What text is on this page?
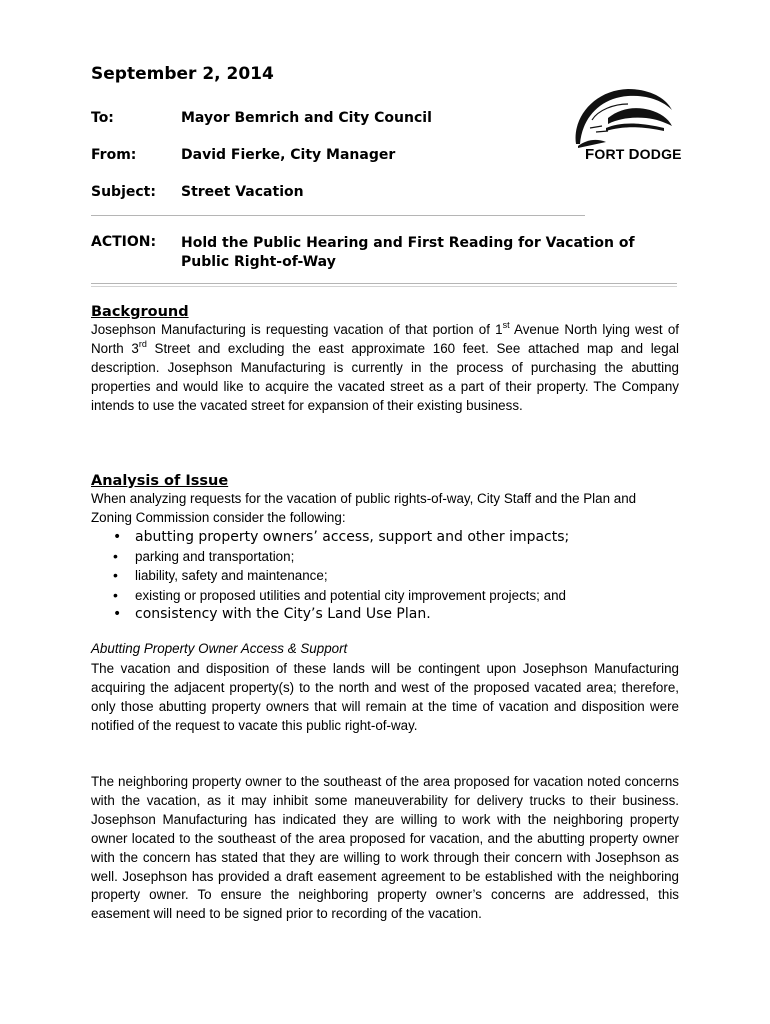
September 2, 2014
To:	Mayor Bemrich and City Council
From:	David Fierke, City Manager
Subject: Street Vacation
ACTION: Hold the Public Hearing and First Reading for Vacation of Public Right-of-Way
FORT DODGE
Background

Josephson Manufacturing is requesting vacation of that portion of 1st Avenue North lying west of North 3rd Street and excluding the east approximate 160 feet. See attached map and legal description. Josephson Manufacturing is currently in the process of purchasing the abutting properties and would like to acquire the vacated street as a part of their property. The Company intends to use the vacated street for expansion of their existing business.

Analysis of Issue

When analyzing requests for the vacation of public rights-of-way, City Staff and the Plan and Zoning Commission consider the following:

• abutting property owners’ access, support and other impacts;
• parking and transportation;
• liability, safety and maintenance;
• existing or proposed utilities and potential city improvement projects; and
• consistency with the City’s Land Use Plan.

Abutting Property Owner Access & Support

The vacation and disposition of these lands will be contingent upon Josephson Manufacturing acquiring the adjacent property(s) to the north and west of the proposed vacated area; therefore, only those abutting property owners that will remain at the time of vacation and disposition were notified of the request to vacate this public right-of-way.

The neighboring property owner to the southeast of the area proposed for vacation noted concerns with the vacation, as it may inhibit some maneuverability for delivery trucks to their business. Josephson Manufacturing has indicated they are willing to work with the neighboring property owner located to the southeast of the area proposed for vacation, and the abutting property owner with the concern has stated that they are willing to work through their concern with Josephson as well. Josephson has provided a draft easement agreement to be established with the neighboring property owner. To ensure the neighboring property owner’s concerns are addressed, this easement will need to be signed prior to recording of the vacation.
